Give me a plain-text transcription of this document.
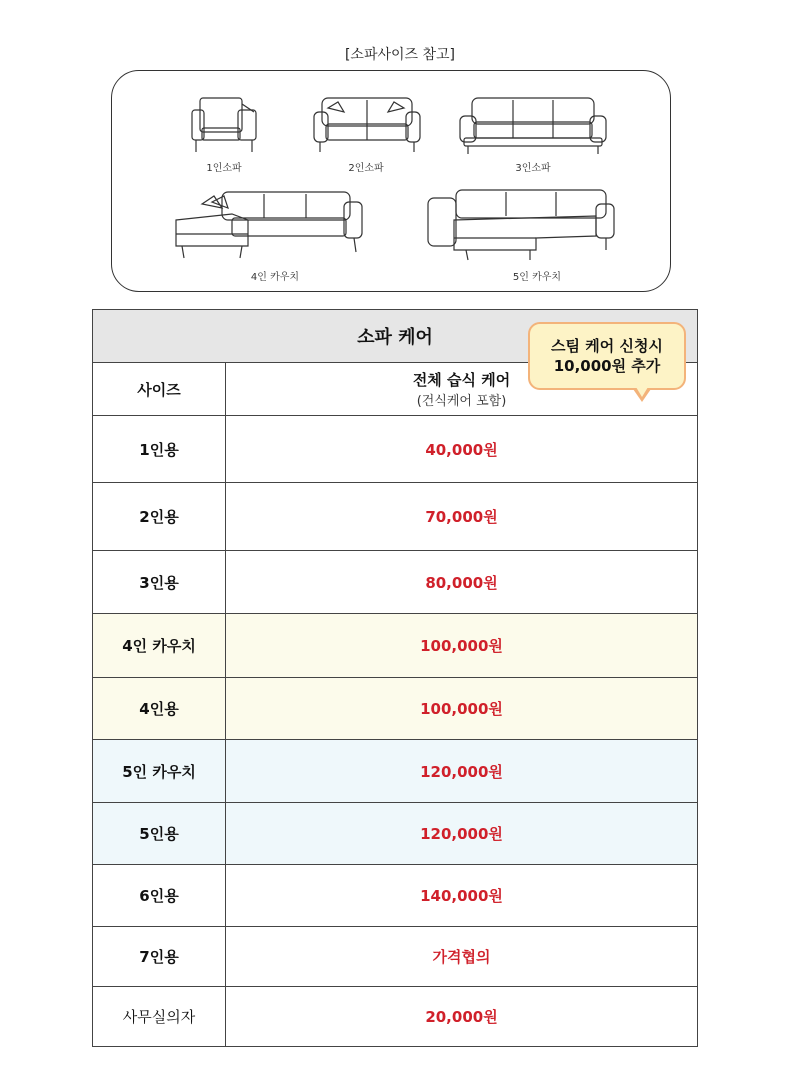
[소파사이즈 참고]
1인소파	2인소파	3인소파
4인 카우치	5인 카우치
소파 케어	
사이즈	전체 습식 케어
(건식케어 포함)

1인용	40,000원
2인용	70,000원
3인용	80,000원
4인 카우치	100,000원
4인용	100,000원
5인 카우치	120,000원
5인용	120,000원
6인용	140,000원
7인용	가격협의
사무실의자	20,000원
스팀 케어 신청시
10,000원 추가
